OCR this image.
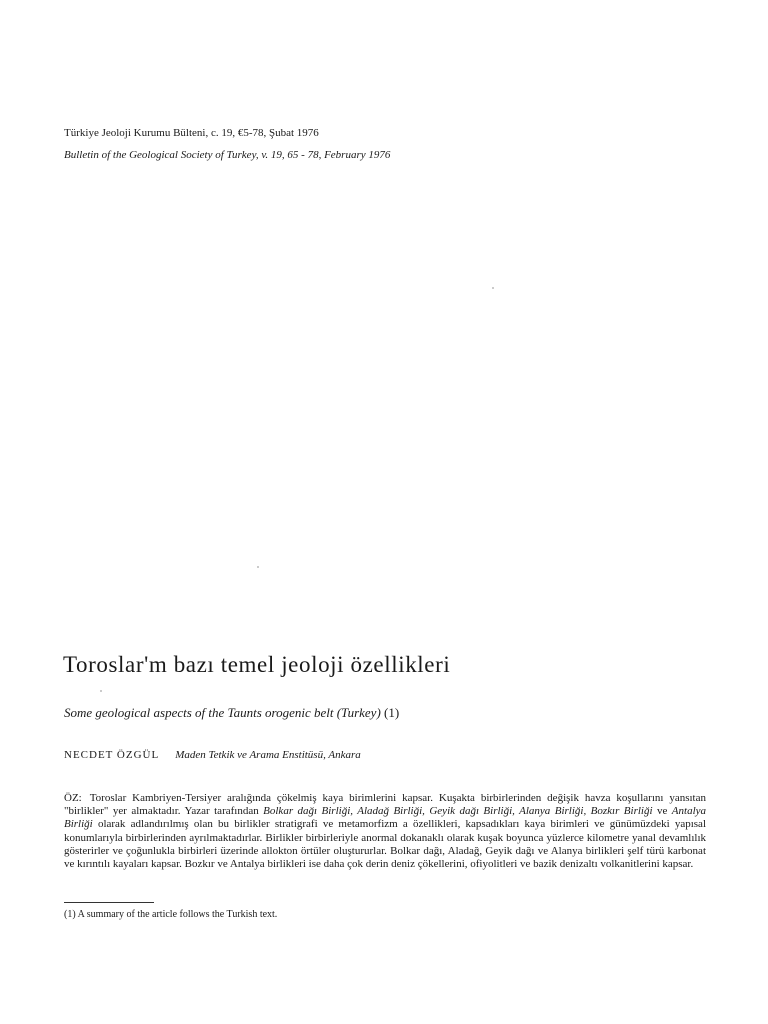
Türkiye Jeoloji Kurumu Bülteni, c. 19, €5-78, Şubat 1976
Bulletin of the Geological Society of Turkey, v. 19, 65 - 78, February 1976
Toroslar'm bazı temel jeoloji özellikleri
Some geological aspects of the Taunts orogenic belt (Turkey) (1)
NECDET ÖZGÜL Maden Tetkik ve Arama Enstitüsü, Ankara

ÖZ: Toroslar Kambriyen-Tersiyer aralığında çökelmiş kaya birimlerini kapsar. Kuşakta birbirlerinden değişik havza koşullarını yansıtan "birlikler" yer almaktadır. Yazar tarafından Bolkar dağı Birliği, Aladağ Birliği, Geyik dağı Birliği, Alanya Birliği, Bozkır Birliği ve Antalya Birliği olarak adlandırılmış olan bu birlikler stratigrafi ve metamorfizm a özellikleri, kapsadıkları kaya birimleri ve günümüzdeki yapısal konumlarıyla birbirlerinden ayrılmaktadırlar. Birlikler birbirleriyle anormal dokanaklı olarak kuşak boyunca yüzlerce kilometre yanal devamlılık gösterirler ve çoğunlukla birbirleri üzerinde allokton örtüler oluştururlar. Bolkar dağı, Aladağ, Geyik dağı ve Alanya birlikleri şelf türü karbonat ve kırıntılı kayaları kapsar. Bozkır ve Antalya birlikleri ise daha çok derin deniz çökellerini, ofiyolitleri ve bazik denizaltı volkanitlerini kapsar.

(1) A summary of the article follows the Turkish text.
